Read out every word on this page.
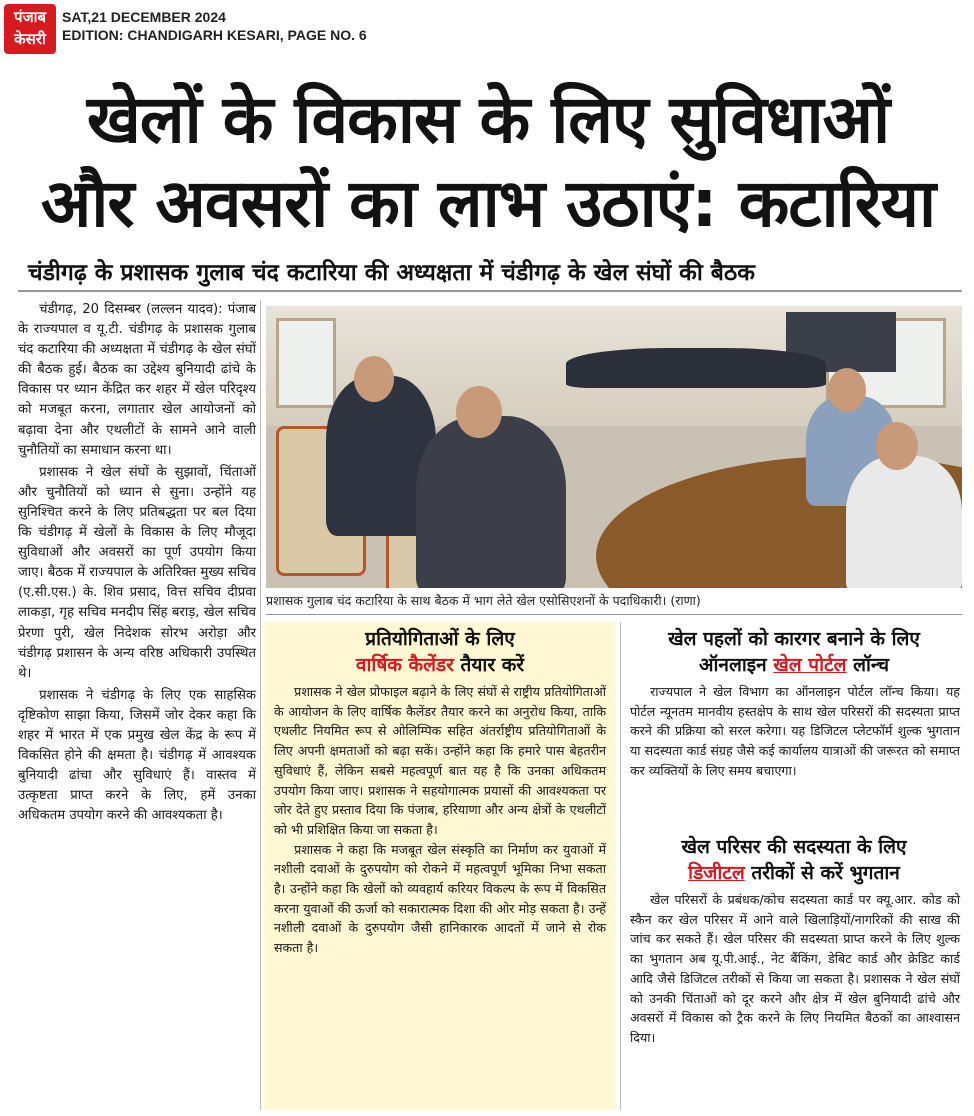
पंजाब
केसरी
SAT,21 DECEMBER 2024
EDITION: CHANDIGARH KESARI, PAGE NO. 6
खेलों के विकास के लिए सुविधाओं
और अवसरों का लाभ उठाएं: कटारिया
चंडीगढ़ के प्रशासक गुलाब चंद कटारिया की अध्यक्षता में चंडीगढ़ के खेल संघों की बैठक

चंडीगढ़, 20 दिसम्बर (लल्लन यादव): पंजाब के राज्यपाल व यू.टी. चंडीगढ़ के प्रशासक गुलाब चंद कटारिया की अध्यक्षता में चंडीगढ़ के खेल संघों की बैठक हुई। बैठक का उद्देश्य बुनियादी ढांचे के विकास पर ध्यान केंद्रित कर शहर में खेल परिदृश्य को मजबूत करना, लगातार खेल आयोजनों को बढ़ावा देना और एथलीटों के सामने आने वाली चुनौतियों का समाधान करना था।

प्रशासक ने खेल संघों के सुझावों, चिंताओं और चुनौतियों को ध्यान से सुना। उन्होंने यह सुनिश्चित करने के लिए प्रतिबद्धता पर बल दिया कि चंडीगढ़ में खेलों के विकास के लिए मौजूदा सुविधाओं और अवसरों का पूर्ण उपयोग किया जाए। बैठक में राज्यपाल के अतिरिक्त मुख्य सचिव (ए.सी.एस.) के. शिव प्रसाद, वित्त सचिव दीप्रवा लाकड़ा, गृह सचिव मनदीप सिंह बराड़, खेल सचिव प्रेरणा पुरी, खेल निदेशक सोरभ अरोड़ा और चंडीगढ़ प्रशासन के अन्य वरिष्ठ अधिकारी उपस्थित थे।

प्रशासक ने चंडीगढ़ के लिए एक साहसिक दृष्टिकोण साझा किया, जिसमें जोर देकर कहा कि शहर में भारत में एक प्रमुख खेल केंद्र के रूप में विकसित होने की क्षमता है। चंडीगढ़ में आवश्यक बुनियादी ढांचा और सुविधाएं हैं। वास्तव में उत्कृष्टता प्राप्त करने के लिए, हमें उनका अधिकतम उपयोग करने की आवश्यकता है।

प्रशासक गुलाब चंद कटारिया के साथ बैठक में भाग लेते खेल एसोसिएशनों के पदाधिकारी। (राणा)
प्रतियोगिताओं के लिए
वार्षिक कैलेंडर तैयार करें

प्रशासक ने खेल प्रोफाइल बढ़ाने के लिए संघों से राष्ट्रीय प्रतियोगिताओं के आयोजन के लिए वार्षिक कैलेंडर तैयार करने का अनुरोध किया, ताकि एथलीट नियमित रूप से ओलिम्पिक सहित अंतर्राष्ट्रीय प्रतियोगिताओं के लिए अपनी क्षमताओं को बढ़ा सकें। उन्होंने कहा कि हमारे पास बेहतरीन सुविधाएं हैं, लेकिन सबसे महत्वपूर्ण बात यह है कि उनका अधिकतम उपयोग किया जाए। प्रशासक ने सहयोगात्मक प्रयासों की आवश्यकता पर जोर देते हुए प्रस्ताव दिया कि पंजाब, हरियाणा और अन्य क्षेत्रों के एथलीटों को भी प्रशिक्षित किया जा सकता है।

प्रशासक ने कहा कि मजबूत खेल संस्कृति का निर्माण कर युवाओं में नशीली दवाओं के दुरुपयोग को रोकने में महत्वपूर्ण भूमिका निभा सकता है। उन्होंने कहा कि खेलों को व्यवहार्य करियर विकल्प के रूप में विकसित करना युवाओं की ऊर्जा को सकारात्मक दिशा की ओर मोड़ सकता है। उन्हें नशीली दवाओं के दुरुपयोग जैसी हानिकारक आदतों में जाने से रोक सकता है।

खेल पहलों को कारगर बनाने के लिए
ऑनलाइन खेल पोर्टल लॉन्च

राज्यपाल ने खेल विभाग का ऑनलाइन पोर्टल लॉन्च किया। यह पोर्टल न्यूनतम मानवीय हस्तक्षेप के साथ खेल परिसरों की सदस्यता प्राप्त करने की प्रक्रिया को सरल करेगा। यह डिजिटल प्लेटफॉर्म शुल्क भुगतान या सदस्यता कार्ड संग्रह जैसे कई कार्यालय यात्राओं की जरूरत को समाप्त कर व्यक्तियों के लिए समय बचाएगा।

खेल परिसर की सदस्यता के लिए
डिजीटल तरीकों से करें भुगतान

खेल परिसरों के प्रबंधक/कोच सदस्यता कार्ड पर क्यू.आर. कोड को स्कैन कर खेल परिसर में आने वाले खिलाड़ियों/नागरिकों की साख की जांच कर सकते हैं। खेल परिसर की सदस्यता प्राप्त करने के लिए शुल्क का भुगतान अब यू.पी.आई., नेट बैंकिंग, डेबिट कार्ड और क्रेडिट कार्ड आदि जैसे डिजिटल तरीकों से किया जा सकता है। प्रशासक ने खेल संघों को उनकी चिंताओं को दूर करने और क्षेत्र में खेल बुनियादी ढांचे और अवसरों में विकास को ट्रैक करने के लिए नियमित बैठकों का आश्वासन दिया।
